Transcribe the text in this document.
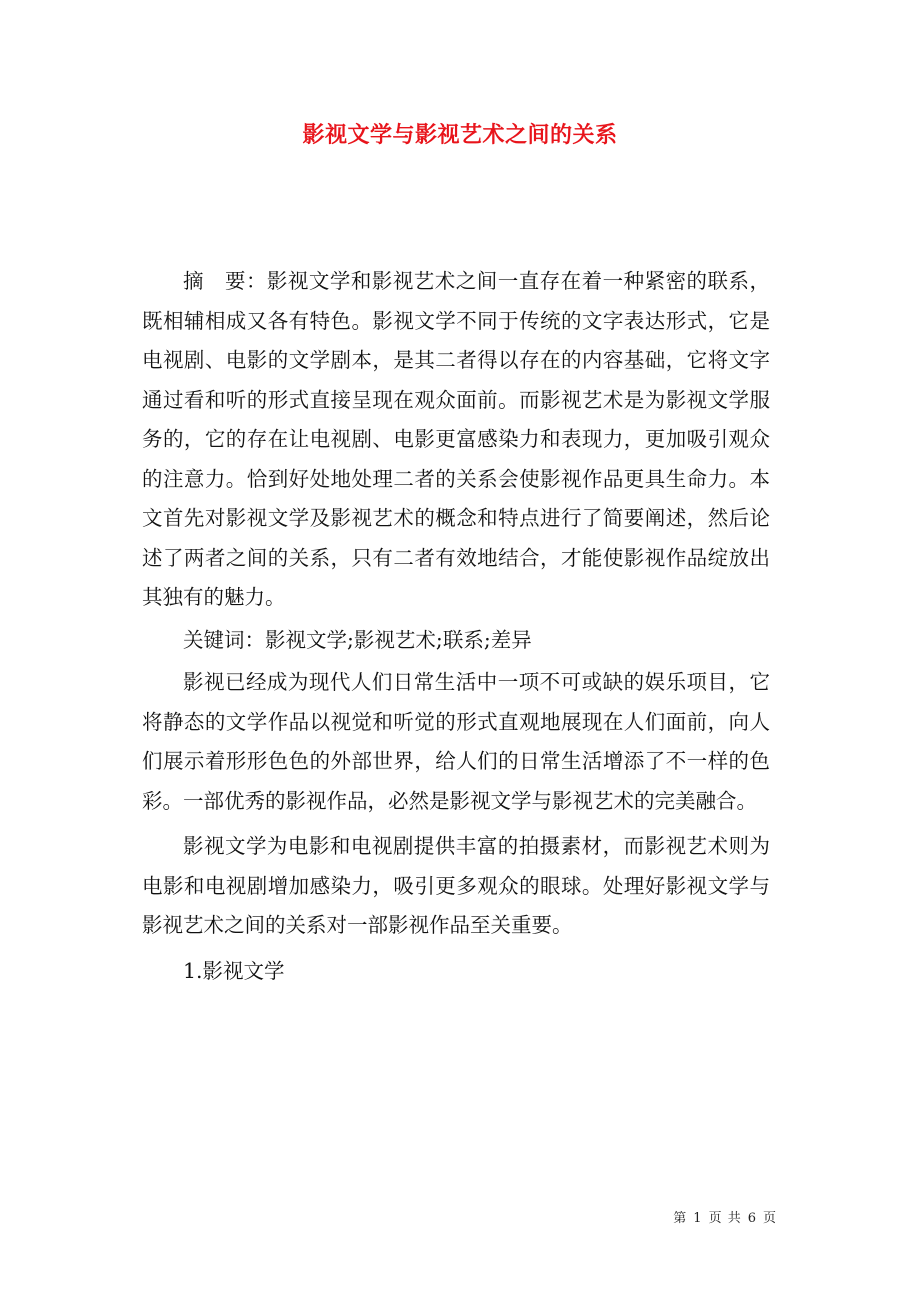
影视文学与影视艺术之间的关系

摘　要：影视文学和影视艺术之间一直存在着一种紧密的联系，既相辅相成又各有特色。影视文学不同于传统的文字表达形式，它是电视剧、电影的文学剧本，是其二者得以存在的内容基础，它将文字通过看和听的形式直接呈现在观众面前。而影视艺术是为影视文学服务的，它的存在让电视剧、电影更富感染力和表现力，更加吸引观众的注意力。恰到好处地处理二者的关系会使影视作品更具生命力。本文首先对影视文学及影视艺术的概念和特点进行了简要阐述，然后论述了两者之间的关系，只有二者有效地结合，才能使影视作品绽放出其独有的魅力。

关键词：影视文学;影视艺术;联系;差异

影视已经成为现代人们日常生活中一项不可或缺的娱乐项目，它将静态的文学作品以视觉和听觉的形式直观地展现在人们面前，向人们展示着形形色色的外部世界，给人们的日常生活增添了不一样的色彩。一部优秀的影视作品，必然是影视文学与影视艺术的完美融合。

影视文学为电影和电视剧提供丰富的拍摄素材，而影视艺术则为电影和电视剧增加感染力，吸引更多观众的眼球。处理好影视文学与影视艺术之间的关系对一部影视作品至关重要。

1.影视文学

第 1 页 共 6 页
